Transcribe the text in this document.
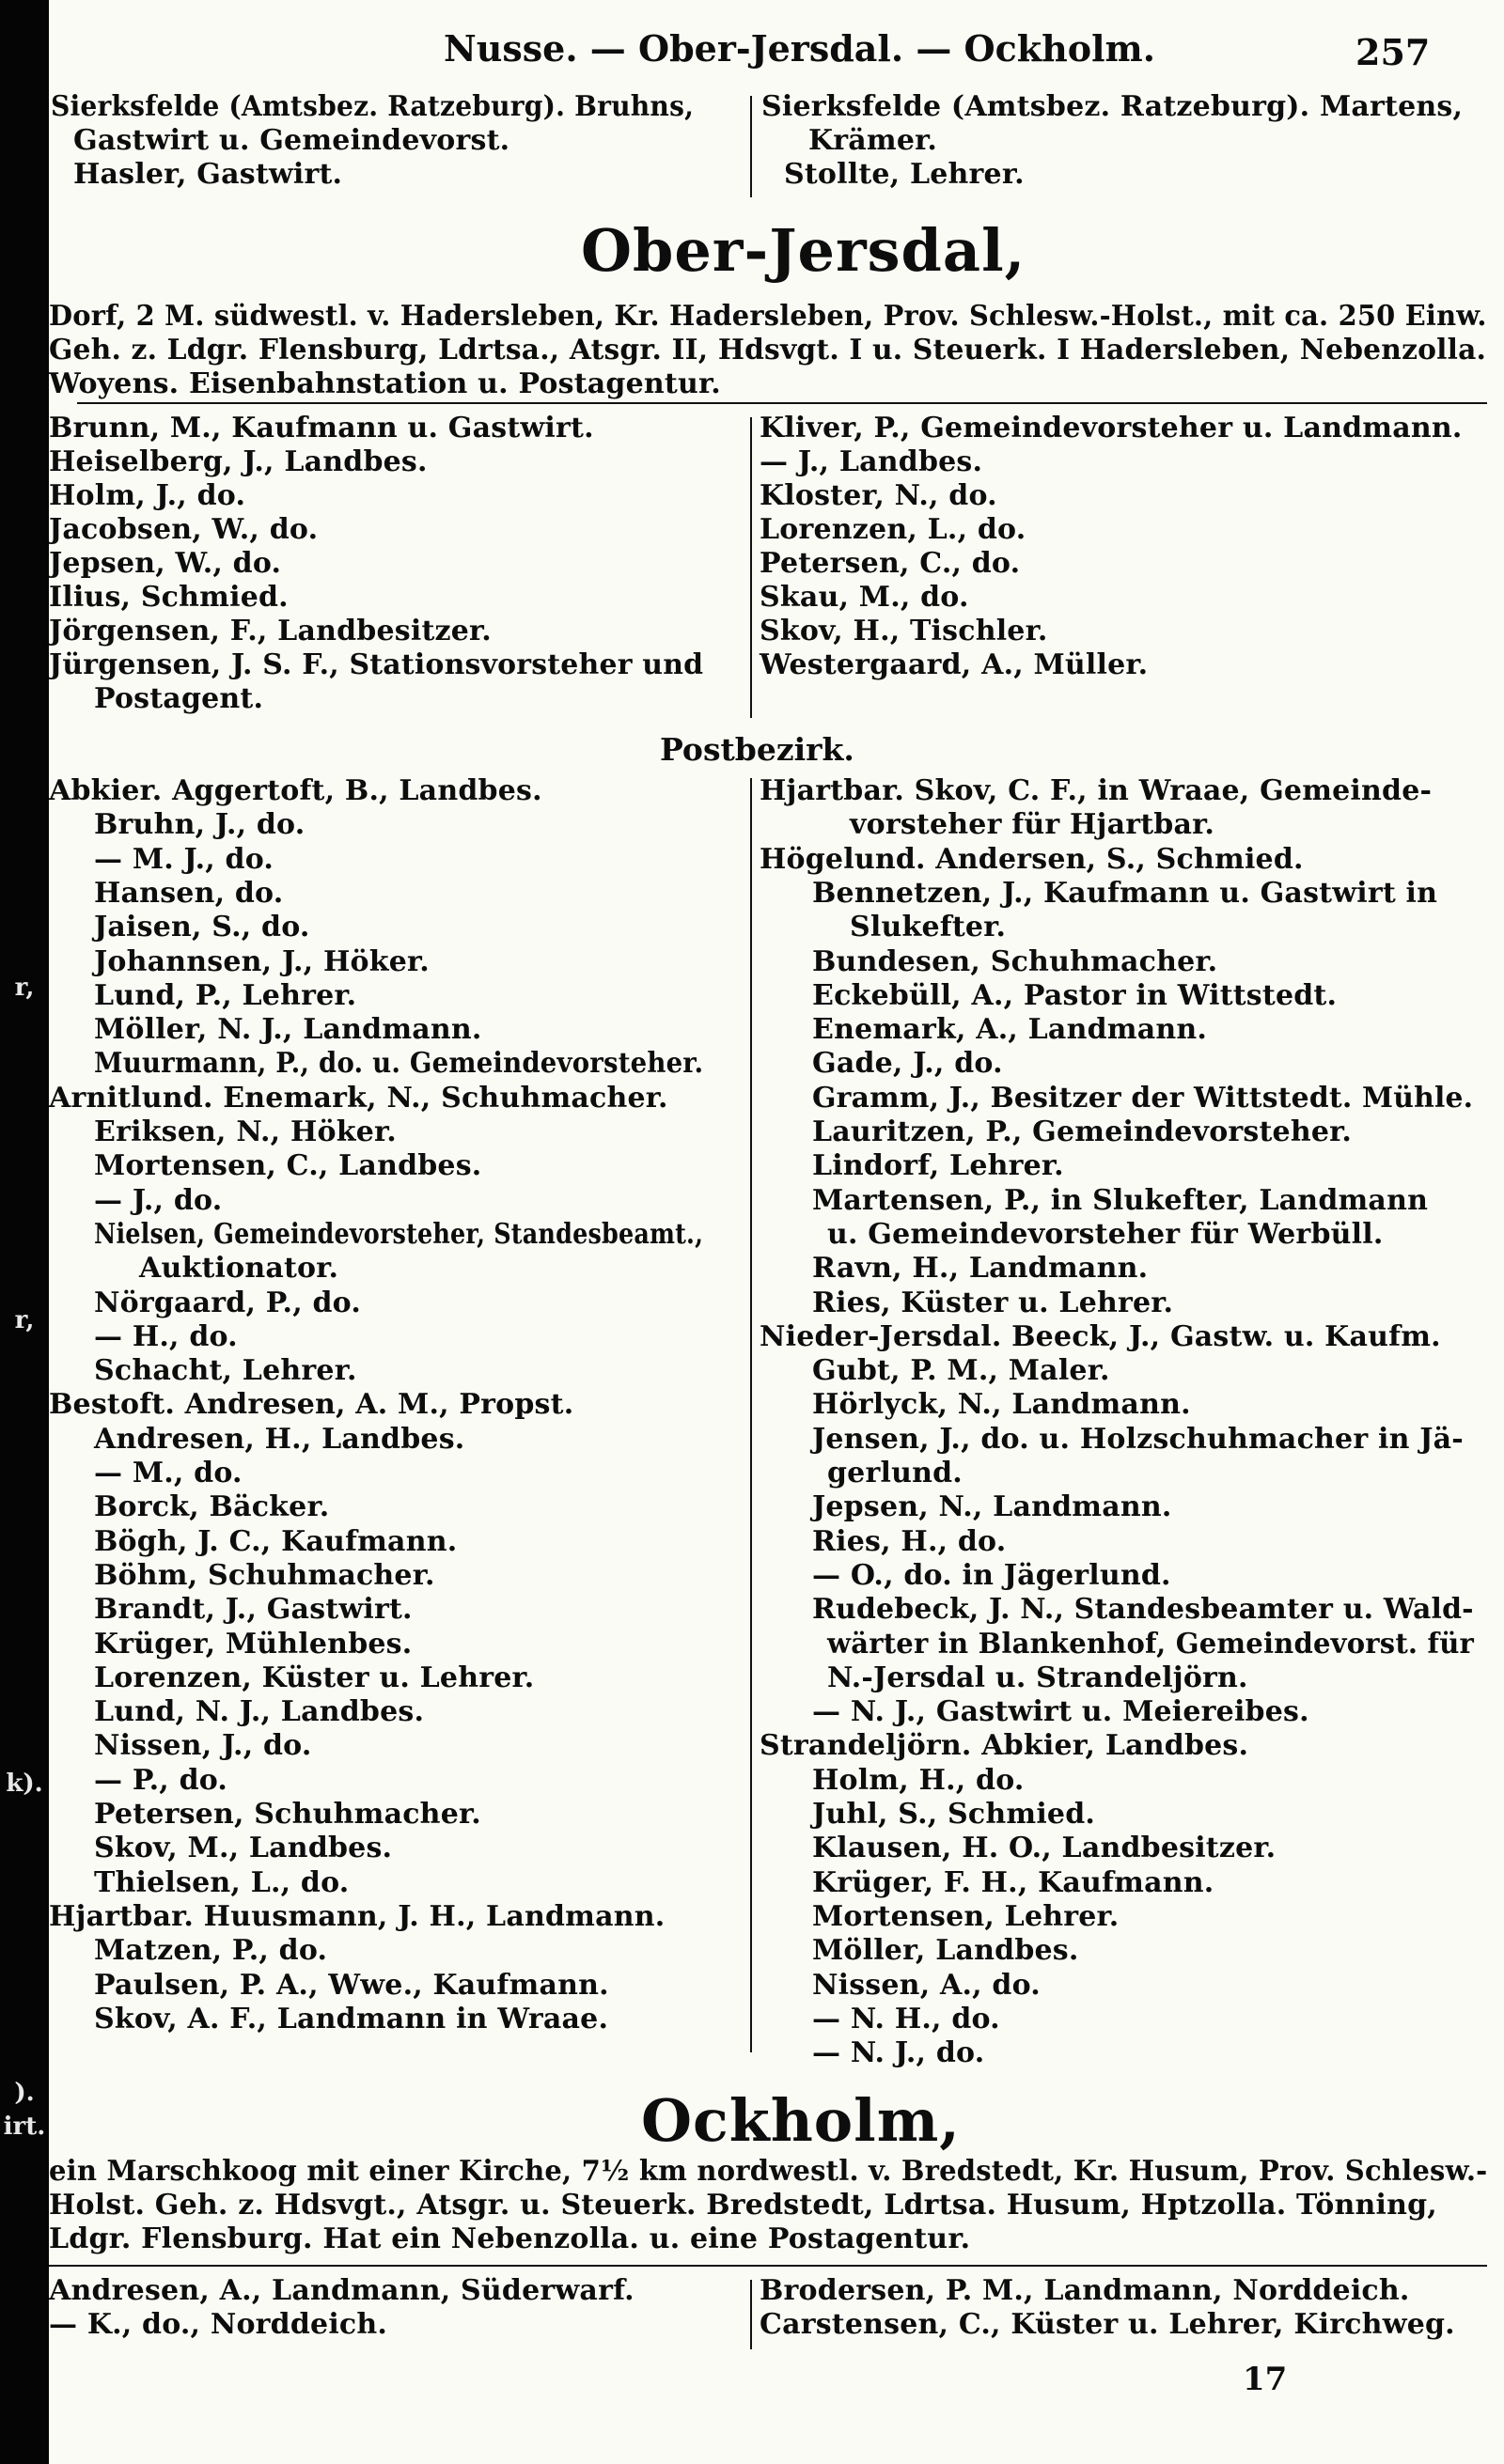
r,
r,
k).
).
irt.
Nusse. — Ober-Jersdal. — Ockholm.	257
Sierksfelde (Amtsbez. Ratzeburg). Bruhns,
Gastwirt u. Gemeindevorst.
Hasler, Gastwirt.
Sierksfelde (Amtsbez. Ratzeburg). Martens,
Krämer.
Stollte, Lehrer.
Ober-Jersdal,
Dorf, 2 M. südwestl. v. Hadersleben, Kr. Hadersleben, Prov. Schlesw.-Holst., mit ca. 250 Einw.
Geh. z. Ldgr. Flensburg, Ldrtsa., Atsgr. II, Hdsvgt. I u. Steuerk. I Hadersleben, Nebenzolla.
Woyens. Eisenbahnstation u. Postagentur.
Brunn, M., Kaufmann u. Gastwirt.
Heiselberg, J., Landbes.
Holm, J., do.
Jacobsen, W., do.
Jepsen, W., do.
Ilius, Schmied.
Jörgensen, F., Landbesitzer.
Jürgensen, J. S. F., Stationsvorsteher und
Postagent.
Kliver, P., Gemeindevorsteher u. Landmann.
— J., Landbes.
Kloster, N., do.
Lorenzen, L., do.
Petersen, C., do.
Skau, M., do.
Skov, H., Tischler.
Westergaard, A., Müller.
Postbezirk.
Abkier. Aggertoft, B., Landbes.
Bruhn, J., do.
— M. J., do.
Hansen, do.
Jaisen, S., do.
Johannsen, J., Höker.
Lund, P., Lehrer.
Möller, N. J., Landmann.
Muurmann, P., do. u. Gemeindevorsteher.
Arnitlund. Enemark, N., Schuhmacher.
Eriksen, N., Höker.
Mortensen, C., Landbes.
— J., do.
Nielsen, Gemeindevorsteher, Standesbeamt.,
Auktionator.
Nörgaard, P., do.
— H., do.
Schacht, Lehrer.
Bestoft. Andresen, A. M., Propst.
Andresen, H., Landbes.
— M., do.
Borck, Bäcker.
Bögh, J. C., Kaufmann.
Böhm, Schuhmacher.
Brandt, J., Gastwirt.
Krüger, Mühlenbes.
Lorenzen, Küster u. Lehrer.
Lund, N. J., Landbes.
Nissen, J., do.
— P., do.
Petersen, Schuhmacher.
Skov, M., Landbes.
Thielsen, L., do.
Hjartbar. Huusmann, J. H., Landmann.
Matzen, P., do.
Paulsen, P. A., Wwe., Kaufmann.
Skov, A. F., Landmann in Wraae.
Hjartbar. Skov, C. F., in Wraae, Gemeinde-
vorsteher für Hjartbar.
Högelund. Andersen, S., Schmied.
Bennetzen, J., Kaufmann u. Gastwirt in
Slukefter.
Bundesen, Schuhmacher.
Eckebüll, A., Pastor in Wittstedt.
Enemark, A., Landmann.
Gade, J., do.
Gramm, J., Besitzer der Wittstedt. Mühle.
Lauritzen, P., Gemeindevorsteher.
Lindorf, Lehrer.
Martensen, P., in Slukefter, Landmann
u. Gemeindevorsteher für Werbüll.
Ravn, H., Landmann.
Ries, Küster u. Lehrer.
Nieder-Jersdal. Beeck, J., Gastw. u. Kaufm.
Gubt, P. M., Maler.
Hörlyck, N., Landmann.
Jensen, J., do. u. Holzschuhmacher in Jä-
gerlund.
Jepsen, N., Landmann.
Ries, H., do.
— O., do. in Jägerlund.
Rudebeck, J. N., Standesbeamter u. Wald-
wärter in Blankenhof, Gemeindevorst. für
N.-Jersdal u. Strandeljörn.
— N. J., Gastwirt u. Meiereibes.
Strandeljörn. Abkier, Landbes.
Holm, H., do.
Juhl, S., Schmied.
Klausen, H. O., Landbesitzer.
Krüger, F. H., Kaufmann.
Mortensen, Lehrer.
Möller, Landbes.
Nissen, A., do.
— N. H., do.
— N. J., do.
Ockholm,
ein Marschkoog mit einer Kirche, 7½ km nordwestl. v. Bredstedt, Kr. Husum, Prov. Schlesw.-
Holst. Geh. z. Hdsvgt., Atsgr. u. Steuerk. Bredstedt, Ldrtsa. Husum, Hptzolla. Tönning,
Ldgr. Flensburg. Hat ein Nebenzolla. u. eine Postagentur.
Andresen, A., Landmann, Süderwarf.
— K., do., Norddeich.
Brodersen, P. M., Landmann, Norddeich.
Carstensen, C., Küster u. Lehrer, Kirchweg.
17
